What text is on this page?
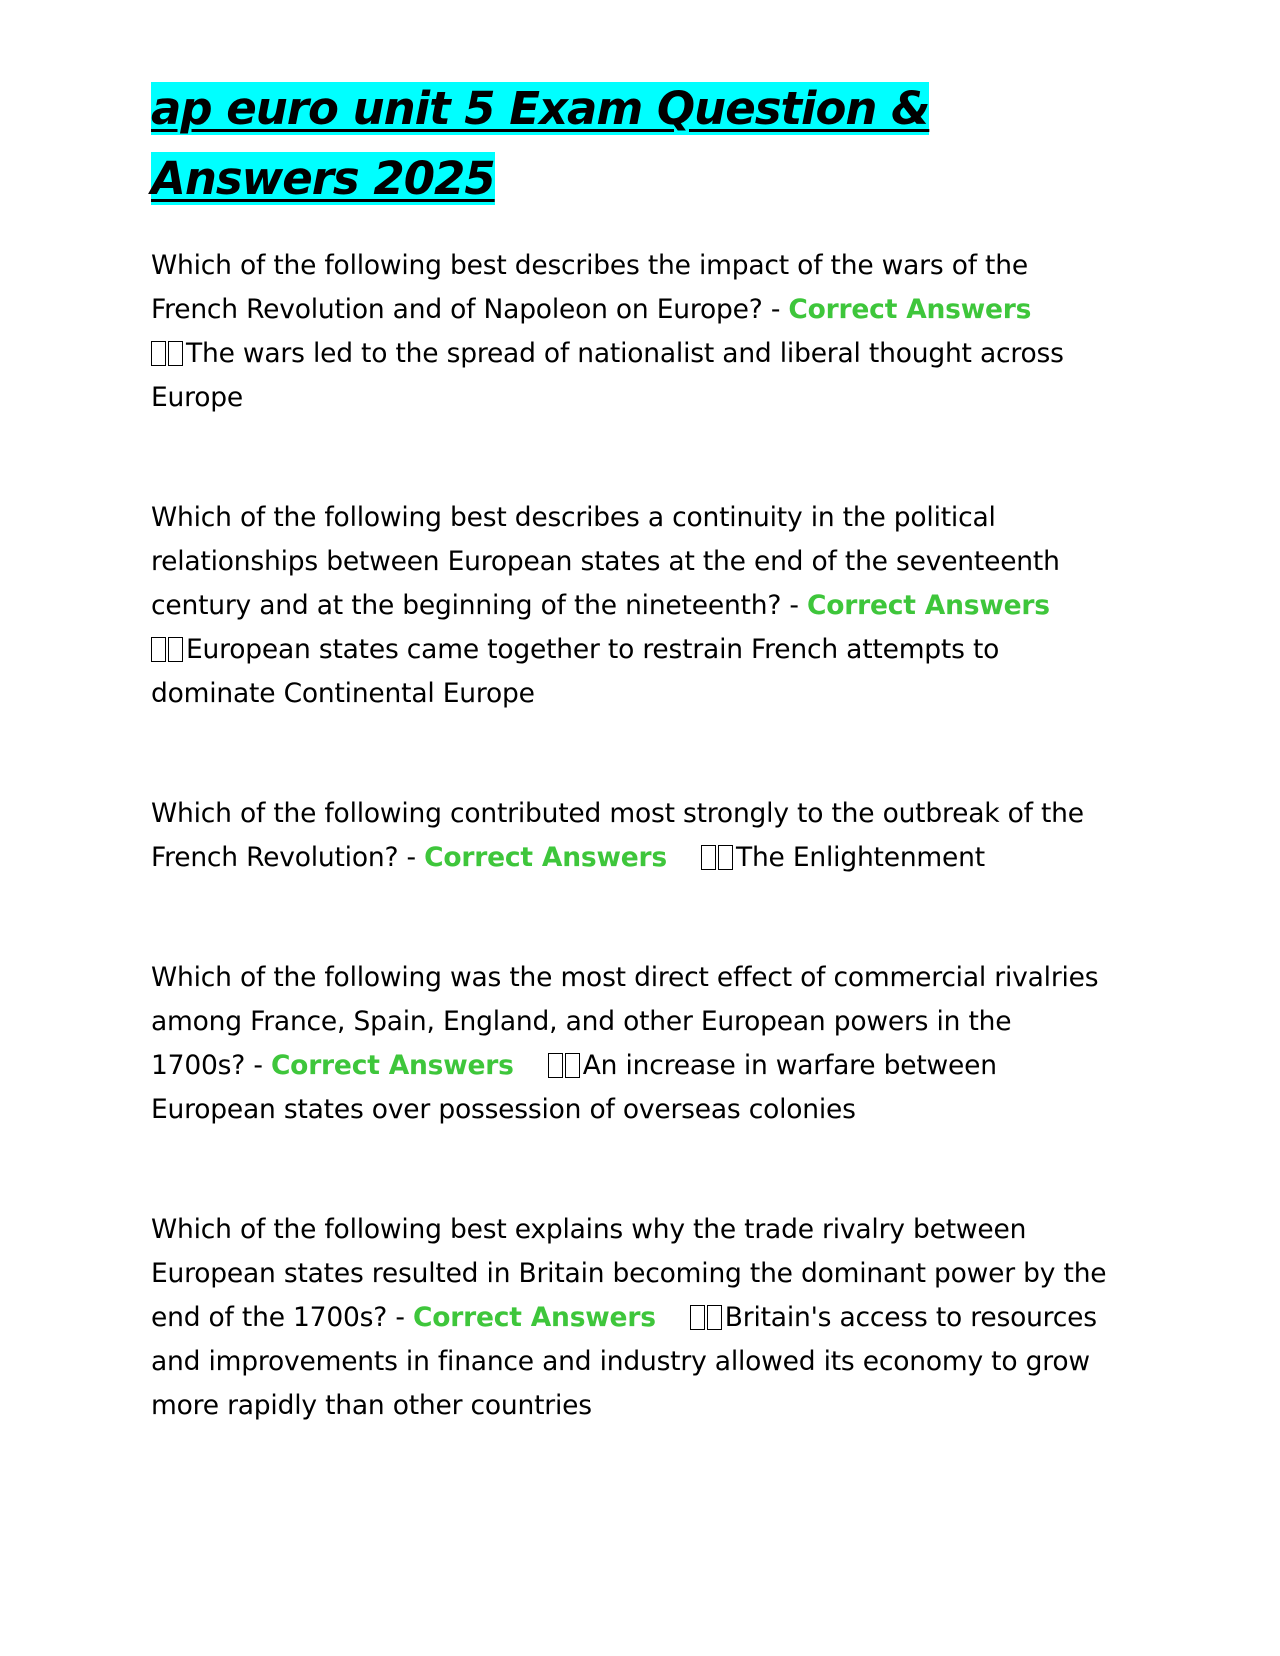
ap euro unit 5 Exam Question & Answers 2025

Which of the following best describes the impact of the wars of the French Revolution and of Napoleon on Europe? - Correct Answers
The wars led to the spread of nationalist and liberal thought across Europe

Which of the following best describes a continuity in the political relationships between European states at the end of the seventeenth century and at the beginning of the nineteenth? - Correct Answers
European states came together to restrain French attempts to dominate Continental Europe

Which of the following contributed most strongly to the outbreak of the French Revolution? - Correct Answers	The Enlightenment

Which of the following was the most direct effect of commercial rivalries among France, Spain, England, and other European powers in the 1700s? - Correct Answers	An increase in warfare between European states over possession of overseas colonies

Which of the following best explains why the trade rivalry between European states resulted in Britain becoming the dominant power by the end of the 1700s? - Correct Answers	Britain's access to resources and improvements in finance and industry allowed its economy to grow more rapidly than other countries
